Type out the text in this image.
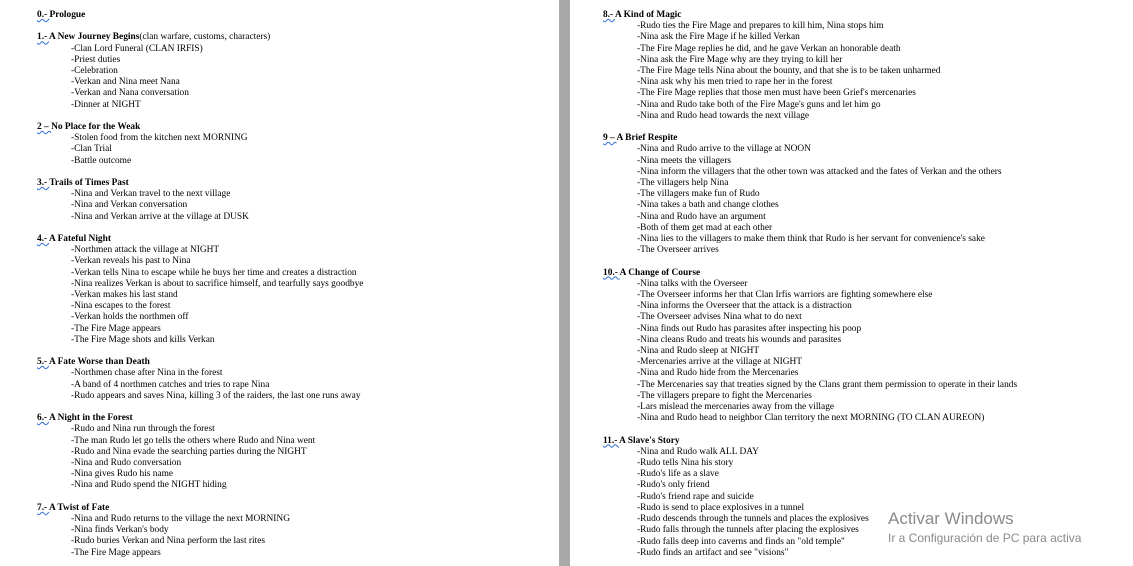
0.- Prologue
1.- A New Journey Begins(clan warfare, customs, characters)
-Clan Lord Funeral (CLAN IRFIS)
-Priest duties
-Celebration
-Verkan and Nina meet Nana
-Verkan and Nana conversation
-Dinner at NIGHT
2 – No Place for the Weak
-Stolen food from the kitchen next MORNING
-Clan Trial
-Battle outcome
3.- Trails of Times Past
-Nina and Verkan travel to the next village
-Nina and Verkan conversation
-Nina and Verkan arrive at the village at DUSK
4.- A Fateful Night
-Northmen attack the village at NIGHT
-Verkan reveals his past to Nina
-Verkan tells Nina to escape while he buys her time and creates a distraction
-Nina realizes Verkan is about to sacrifice himself, and tearfully says goodbye
-Verkan makes his last stand
-Nina escapes to the forest
-Verkan holds the northmen off
-The Fire Mage appears
-The Fire Mage shots and kills Verkan
5.- A Fate Worse than Death
-Northmen chase after Nina in the forest
-A band of 4 northmen catches and tries to rape Nina
-Rudo appears and saves Nina, killing 3 of the raiders, the last one runs away
6.- A Night in the Forest
-Rudo and Nina run through the forest
-The man Rudo let go tells the others where Rudo and Nina went
-Rudo and Nina evade the searching parties during the NIGHT
-Nina and Rudo conversation
-Nina gives Rudo his name
-Nina and Rudo spend the NIGHT hiding
7.- A Twist of Fate
-Nina and Rudo returns to the village the next MORNING
-Nina finds Verkan's body
-Rudo buries Verkan and Nina perform the last rites
-The Fire Mage appears
8.- A Kind of Magic
-Rudo ties the Fire Mage and prepares to kill him, Nina stops him
-Nina ask the Fire Mage if he killed Verkan
-The Fire Mage replies he did, and he gave Verkan an honorable death
-Nina ask the Fire Mage why are they trying to kill her
-The Fire Mage tells Nina about the bounty, and that she is to be taken unharmed
-Nina ask why his men tried to rape her in the forest
-The Fire Mage replies that those men must have been Grief's mercenaries
-Nina and Rudo take both of the Fire Mage's guns and let him go
-Nina and Rudo head towards the next village
9 – A Brief Respite
-Nina and Rudo arrive to the village at NOON
-Nina meets the villagers
-Nina inform the villagers that the other town was attacked and the fates of Verkan and the others
-The villagers help Nina
-The villagers make fun of Rudo
-Nina takes a bath and change clothes
-Nina and Rudo have an argument
-Both of them get mad at each other
-Nina lies to the villagers to make them think that Rudo is her servant for convenience's sake
-The Overseer arrives
10.- A Change of Course
-Nina talks with the Overseer
-The Overseer informs her that Clan Irfis warriors are fighting somewhere else
-Nina informs the Overseer that the attack is a distraction
-The Overseer advises Nina what to do next
-Nina finds out Rudo has parasites after inspecting his poop
-Nina cleans Rudo and treats his wounds and parasites
-Nina and Rudo sleep at NIGHT
-Mercenaries arrive at the village at NIGHT
-Nina and Rudo hide from the Mercenaries
-The Mercenaries say that treaties signed by the Clans grant them permission to operate in their lands
-The villagers prepare to fight the Mercenaries
-Lars mislead the mercenaries away from the village
-Nina and Rudo head to neighbor Clan territory the next MORNING (TO CLAN AUREON)
11.- A Slave's Story
-Nina and Rudo walk ALL DAY
-Rudo tells Nina his story
-Rudo's life as a slave
-Rudo's only friend
-Rudo's friend rape and suicide
-Rudo is send to place explosives in a tunnel
-Rudo descends through the tunnels and places the explosives
-Rudo falls through the tunnels after placing the explosives
-Rudo falls deep into caverns and finds an "old temple"
-Rudo finds an artifact and see "visions"
Activar Windows
Ir a Configuración de PC para activa
